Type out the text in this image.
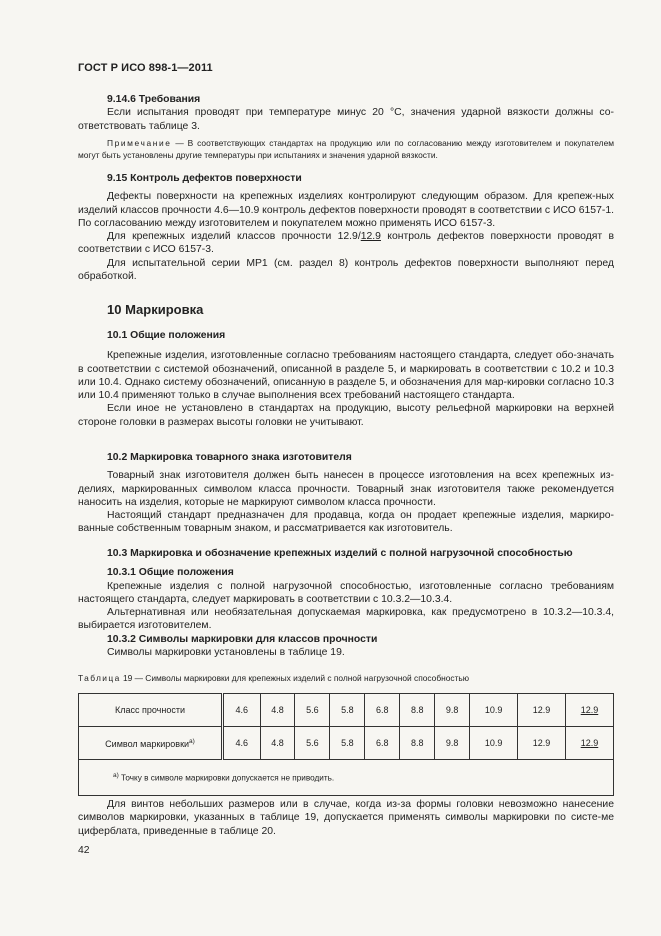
ГОСТ Р ИСО 898-1—2011
9.14.6 Требования
Если испытания проводят при температуре минус 20 °С, значения ударной вязкости должны со-ответствовать таблице 3.
Примечание — В соответствующих стандартах на продукцию или по согласованию между изготовителем и покупателем могут быть установлены другие температуры при испытаниях и значения ударной вязкости.
9.15 Контроль дефектов поверхности
Дефекты поверхности на крепежных изделиях контролируют следующим образом. Для крепеж-ных изделий классов прочности 4.6—10.9 контроль дефектов поверхности проводят в соответствии с ИСО 6157-1. По согласованию между изготовителем и покупателем можно применять ИСО 6157-3.
Для крепежных изделий классов прочности 12.9/12.9 контроль дефектов поверхности проводят в соответствии с ИСО 6157-3.
Для испытательной серии МР1 (см. раздел 8) контроль дефектов поверхности выполняют перед обработкой.
10 Маркировка
10.1 Общие положения
Крепежные изделия, изготовленные согласно требованиям настоящего стандарта, следует обо-значать в соответствии с системой обозначений, описанной в разделе 5, и маркировать в соответствии с 10.2 и 10.3 или 10.4. Однако систему обозначений, описанную в разделе 5, и обозначения для мар-кировки согласно 10.3 или 10.4 применяют только в случае выполнения всех требований настоящего стандарта.
Если иное не установлено в стандартах на продукцию, высоту рельефной маркировки на верхней стороне головки в размерах высоты головки не учитывают.
10.2 Маркировка товарного знака изготовителя
Товарный знак изготовителя должен быть нанесен в процессе изготовления на всех крепежных из-делиях, маркированных символом класса прочности. Товарный знак изготовителя также рекомендуется наносить на изделия, которые не маркируют символом класса прочности.
Настоящий стандарт предназначен для продавца, когда он продает крепежные изделия, маркиро-ванные собственным товарным знаком, и рассматривается как изготовитель.
10.3 Маркировка и обозначение крепежных изделий с полной нагрузочной способностью
10.3.1 Общие положения
Крепежные изделия с полной нагрузочной способностью, изготовленные согласно требованиям настоящего стандарта, следует маркировать в соответствии с 10.3.2—10.3.4.
Альтернативная или необязательная допускаемая маркировка, как предусмотрено в 10.3.2—10.3.4, выбирается изготовителем.
10.3.2 Символы маркировки для классов прочности
Символы маркировки установлены в таблице 19.
Таблица 19 — Символы маркировки для крепежных изделий с полной нагрузочной способностью
Класс прочности	4.6	4.8	5.6	5.8	6.8	8.8	9.8	10.9	12.9	12.9
Символ маркировки$^{а)}$	4.6	4.8	5.6	5.8	6.8	8.8	9.8	10.9	12.9	12.9
$^{а)}$ Точку в символе маркировки допускается не приводить.										
Для винтов небольших размеров или в случае, когда из-за формы головки невозможно нанесение символов маркировки, указанных в таблице 19, допускается применять символы маркировки по систе-ме циферблата, приведенные в таблице 20.
42
